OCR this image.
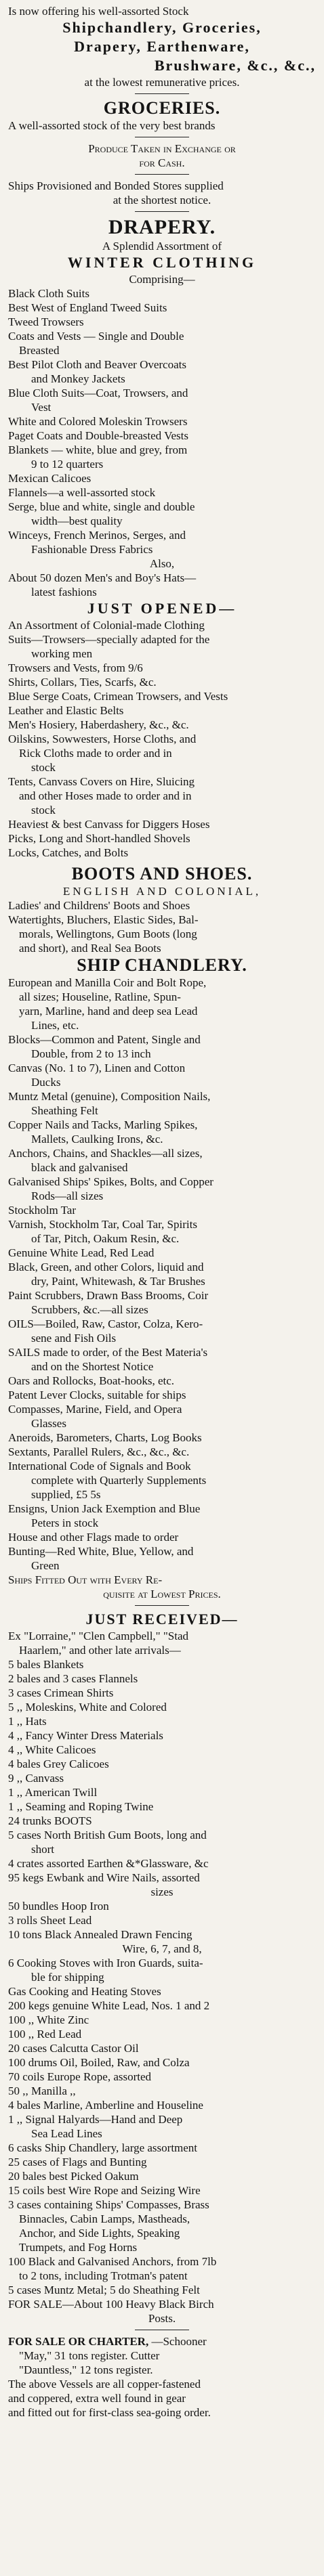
Is now offering his well-assorted Stock

Shipchandlery, Groceries,

Drapery, Earthenware,

Brushware, &c., &c.,

at the lowest remunerative prices.

GROCERIES.

A well-assorted stock of the very best brands

Produce Taken in Exchange or

for Cash.

Ships Provisioned and Bonded Stores supplied

at the shortest notice.

DRAPERY.

A Splendid Assortment of

WINTER CLOTHING

Comprising—

Black Cloth Suits

Best West of England Tweed Suits

Tweed Trowsers

Coats and Vests — Single and Double

Breasted

Best Pilot Cloth and Beaver Overcoats

and Monkey Jackets

Blue Cloth Suits—Coat, Trowsers, and

Vest

White and Colored Moleskin Trowsers

Paget Coats and Double-breasted Vests

Blankets — white, blue and grey, from

9 to 12 quarters

Mexican Calicoes

Flannels—a well-assorted stock

Serge, blue and white, single and double

width—best quality

Winceys, French Merinos, Serges, and

Fashionable Dress Fabrics

Also,

About 50 dozen Men's and Boy's Hats—

latest fashions

JUST OPENED—

An Assortment of Colonial-made Clothing

Suits—Trowsers—specially adapted for the

working men

Trowsers and Vests, from 9/6

Shirts, Collars, Ties, Scarfs, &c.

Blue Serge Coats, Crimean Trowsers, and Vests

Leather and Elastic Belts

Men's Hosiery, Haberdashery, &c., &c.

Oilskins, Sowwesters, Horse Cloths, and

Rick Cloths made to order and in

stock

Tents, Canvass Covers on Hire, Sluicing

and other Hoses made to order and in

stock

Heaviest & best Canvass for Diggers Hoses

Picks, Long and Short-handled Shovels

Locks, Catches, and Bolts

BOOTS AND SHOES.

ENGLISH AND COLONIAL,

Ladies' and Childrens' Boots and Shoes

Watertights, Bluchers, Elastic Sides, Bal-

morals, Wellingtons, Gum Boots (long

and short), and Real Sea Boots

SHIP CHANDLERY.

European and Manilla Coir and Bolt Rope,

all sizes; Houseline, Ratline, Spun-

yarn, Marline, hand and deep sea Lead

Lines, etc.

Blocks—Common and Patent, Single and

Double, from 2 to 13 inch

Canvas (No. 1 to 7), Linen and Cotton

Ducks

Muntz Metal (genuine), Composition Nails,

Sheathing Felt

Copper Nails and Tacks, Marling Spikes,

Mallets, Caulking Irons, &c.

Anchors, Chains, and Shackles—all sizes,

black and galvanised

Galvanised Ships' Spikes, Bolts, and Copper

Rods—all sizes

Stockholm Tar

Varnish, Stockholm Tar, Coal Tar, Spirits

of Tar, Pitch, Oakum Resin, &c.

Genuine White Lead, Red Lead

Black, Green, and other Colors, liquid and

dry, Paint, Whitewash, & Tar Brushes

Paint Scrubbers, Drawn Bass Brooms, Coir

Scrubbers, &c.—all sizes

OILS—Boiled, Raw, Castor, Colza, Kero-

sene and Fish Oils

SAILS made to order, of the Best Materia's

and on the Shortest Notice

Oars and Rollocks, Boat-hooks, etc.

Patent Lever Clocks, suitable for ships

Compasses, Marine, Field, and Opera

Glasses

Aneroids, Barometers, Charts, Log Books

Sextants, Parallel Rulers, &c., &c., &c.

International Code of Signals and Book

complete with Quarterly Supplements

supplied, £5 5s

Ensigns, Union Jack Exemption and Blue

Peters in stock

House and other Flags made to order

Bunting—Red White, Blue, Yellow, and

Green

Ships Fitted Out with Every Re-

quisite at Lowest Prices.

JUST RECEIVED—

Ex "Lorraine," "Clen Campbell," "Stad

Haarlem," and other late arrivals—

5 bales Blankets

2 bales and 3 cases Flannels

3 cases Crimean Shirts

5 ,, Moleskins, White and Colored

1 ,, Hats

4 ,, Fancy Winter Dress Materials

4 ,, White Calicoes

4 bales Grey Calicoes

9 ,, Canvass

1 ,, American Twill

1 ,, Seaming and Roping Twine

24 trunks BOOTS

5 cases North British Gum Boots, long and

short

4 crates assorted Earthen &*Glassware, &c

95 kegs Ewbank and Wire Nails, assorted

sizes

50 bundles Hoop Iron

3 rolls Sheet Lead

10 tons Black Annealed Drawn Fencing

Wire, 6, 7, and 8,

6 Cooking Stoves with Iron Guards, suita-

ble for shipping

Gas Cooking and Heating Stoves

200 kegs genuine White Lead, Nos. 1 and 2

100 ,, White Zinc

100 ,, Red Lead

20 cases Calcutta Castor Oil

100 drums Oil, Boiled, Raw, and Colza

70 coils Europe Rope, assorted

50 ,, Manilla ,,

4 bales Marline, Amberline and Houseline

1 ,, Signal Halyards—Hand and Deep

Sea Lead Lines

6 casks Ship Chandlery, large assortment

25 cases of Flags and Bunting

20 bales best Picked Oakum

15 coils best Wire Rope and Seizing Wire

3 cases containing Ships' Compasses, Brass

Binnacles, Cabin Lamps, Mastheads,

Anchor, and Side Lights, Speaking

Trumpets, and Fog Horns

100 Black and Galvanised Anchors, from 7lb

to 2 tons, including Trotman's patent

5 cases Muntz Metal; 5 do Sheathing Felt

FOR SALE—About 100 Heavy Black Birch

Posts.

FOR SALE OR CHARTER, —Schooner

"May," 31 tons register. Cutter

"Dauntless," 12 tons register.

The above Vessels are all copper-fastened

and coppered, extra well found in gear

and fitted out for first-class sea-going order.
